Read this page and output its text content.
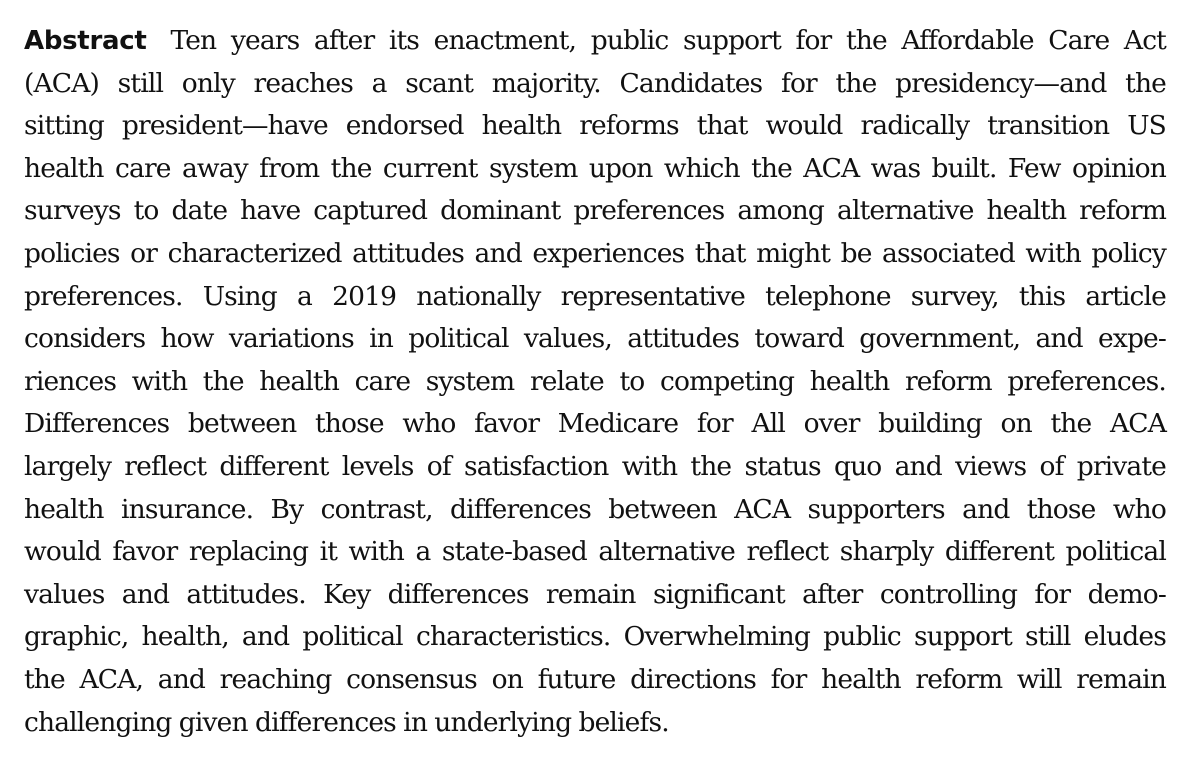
Abstract Ten years after its enactment, public support for the Affordable Care Act
(ACA) still only reaches a scant majority. Candidates for the presidency—and the
sitting president—have endorsed health reforms that would radically transition US
health care away from the current system upon which the ACA was built. Few opinion
surveys to date have captured dominant preferences among alternative health reform
policies or characterized attitudes and experiences that might be associated with policy
preferences. Using a 2019 nationally representative telephone survey, this article
considers how variations in political values, attitudes toward government, and expe-
riences with the health care system relate to competing health reform preferences.
Differences between those who favor Medicare for All over building on the ACA
largely reflect different levels of satisfaction with the status quo and views of private
health insurance. By contrast, differences between ACA supporters and those who
would favor replacing it with a state-based alternative reflect sharply different political
values and attitudes. Key differences remain significant after controlling for demo-
graphic, health, and political characteristics. Overwhelming public support still eludes
the ACA, and reaching consensus on future directions for health reform will remain
challenging given differences in underlying beliefs.
